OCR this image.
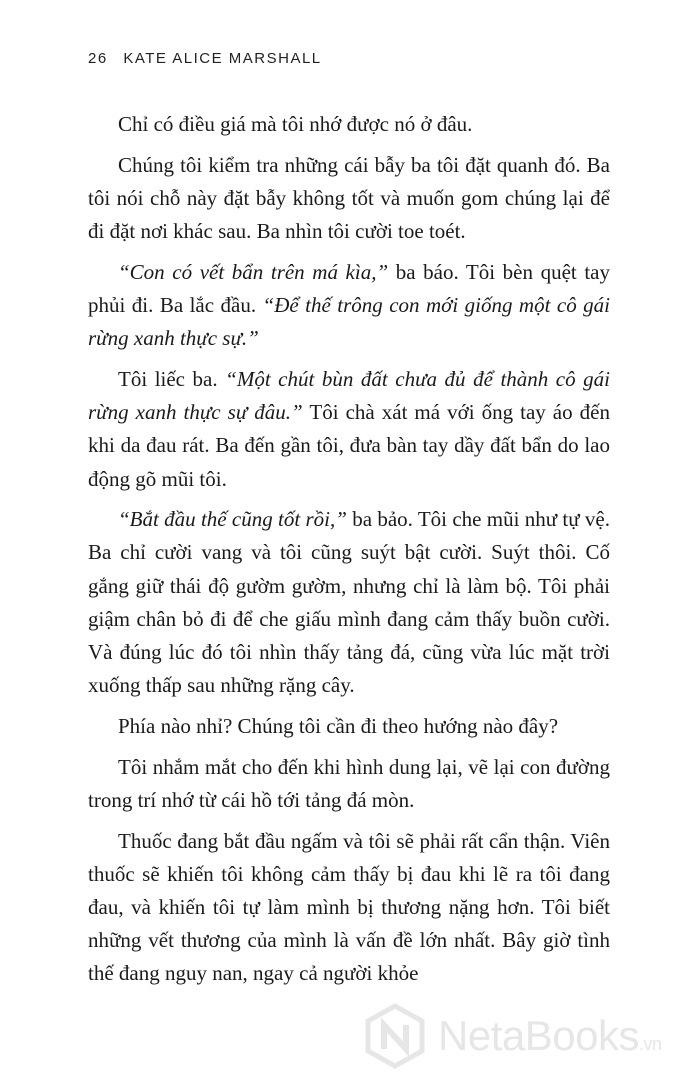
26 KATE ALICE MARSHALL

Chỉ có điều giá mà tôi nhớ được nó ở đâu.

Chúng tôi kiểm tra những cái bẫy ba tôi đặt quanh đó. Ba tôi nói chỗ này đặt bẫy không tốt và muốn gom chúng lại để đi đặt nơi khác sau. Ba nhìn tôi cười toe toét.

“Con có vết bẩn trên má kìa,” ba báo. Tôi bèn quệt tay phủi đi. Ba lắc đầu. “Để thế trông con mới giống một cô gái rừng xanh thực sự.”

Tôi liếc ba. “Một chút bùn đất chưa đủ để thành cô gái rừng xanh thực sự đâu.” Tôi chà xát má với ống tay áo đến khi da đau rát. Ba đến gần tôi, đưa bàn tay dầy đất bẩn do lao động gõ mũi tôi.

“Bắt đầu thế cũng tốt rồi,” ba bảo. Tôi che mũi như tự vệ. Ba chỉ cười vang và tôi cũng suýt bật cười. Suýt thôi. Cố gắng giữ thái độ gườm gườm, nhưng chỉ là làm bộ. Tôi phải giậm chân bỏ đi để che giấu mình đang cảm thấy buồn cười. Và đúng lúc đó tôi nhìn thấy tảng đá, cũng vừa lúc mặt trời xuống thấp sau những rặng cây.

Phía nào nhỉ? Chúng tôi cần đi theo hướng nào đây?

Tôi nhắm mắt cho đến khi hình dung lại, vẽ lại con đường trong trí nhớ từ cái hồ tới tảng đá mòn.

Thuốc đang bắt đầu ngấm và tôi sẽ phải rất cẩn thận. Viên thuốc sẽ khiến tôi không cảm thấy bị đau khi lẽ ra tôi đang đau, và khiến tôi tự làm mình bị thương nặng hơn. Tôi biết những vết thương của mình là vấn đề lớn nhất. Bây giờ tình thế đang nguy nan, ngay cả người khỏe

NetaBooks.vn
